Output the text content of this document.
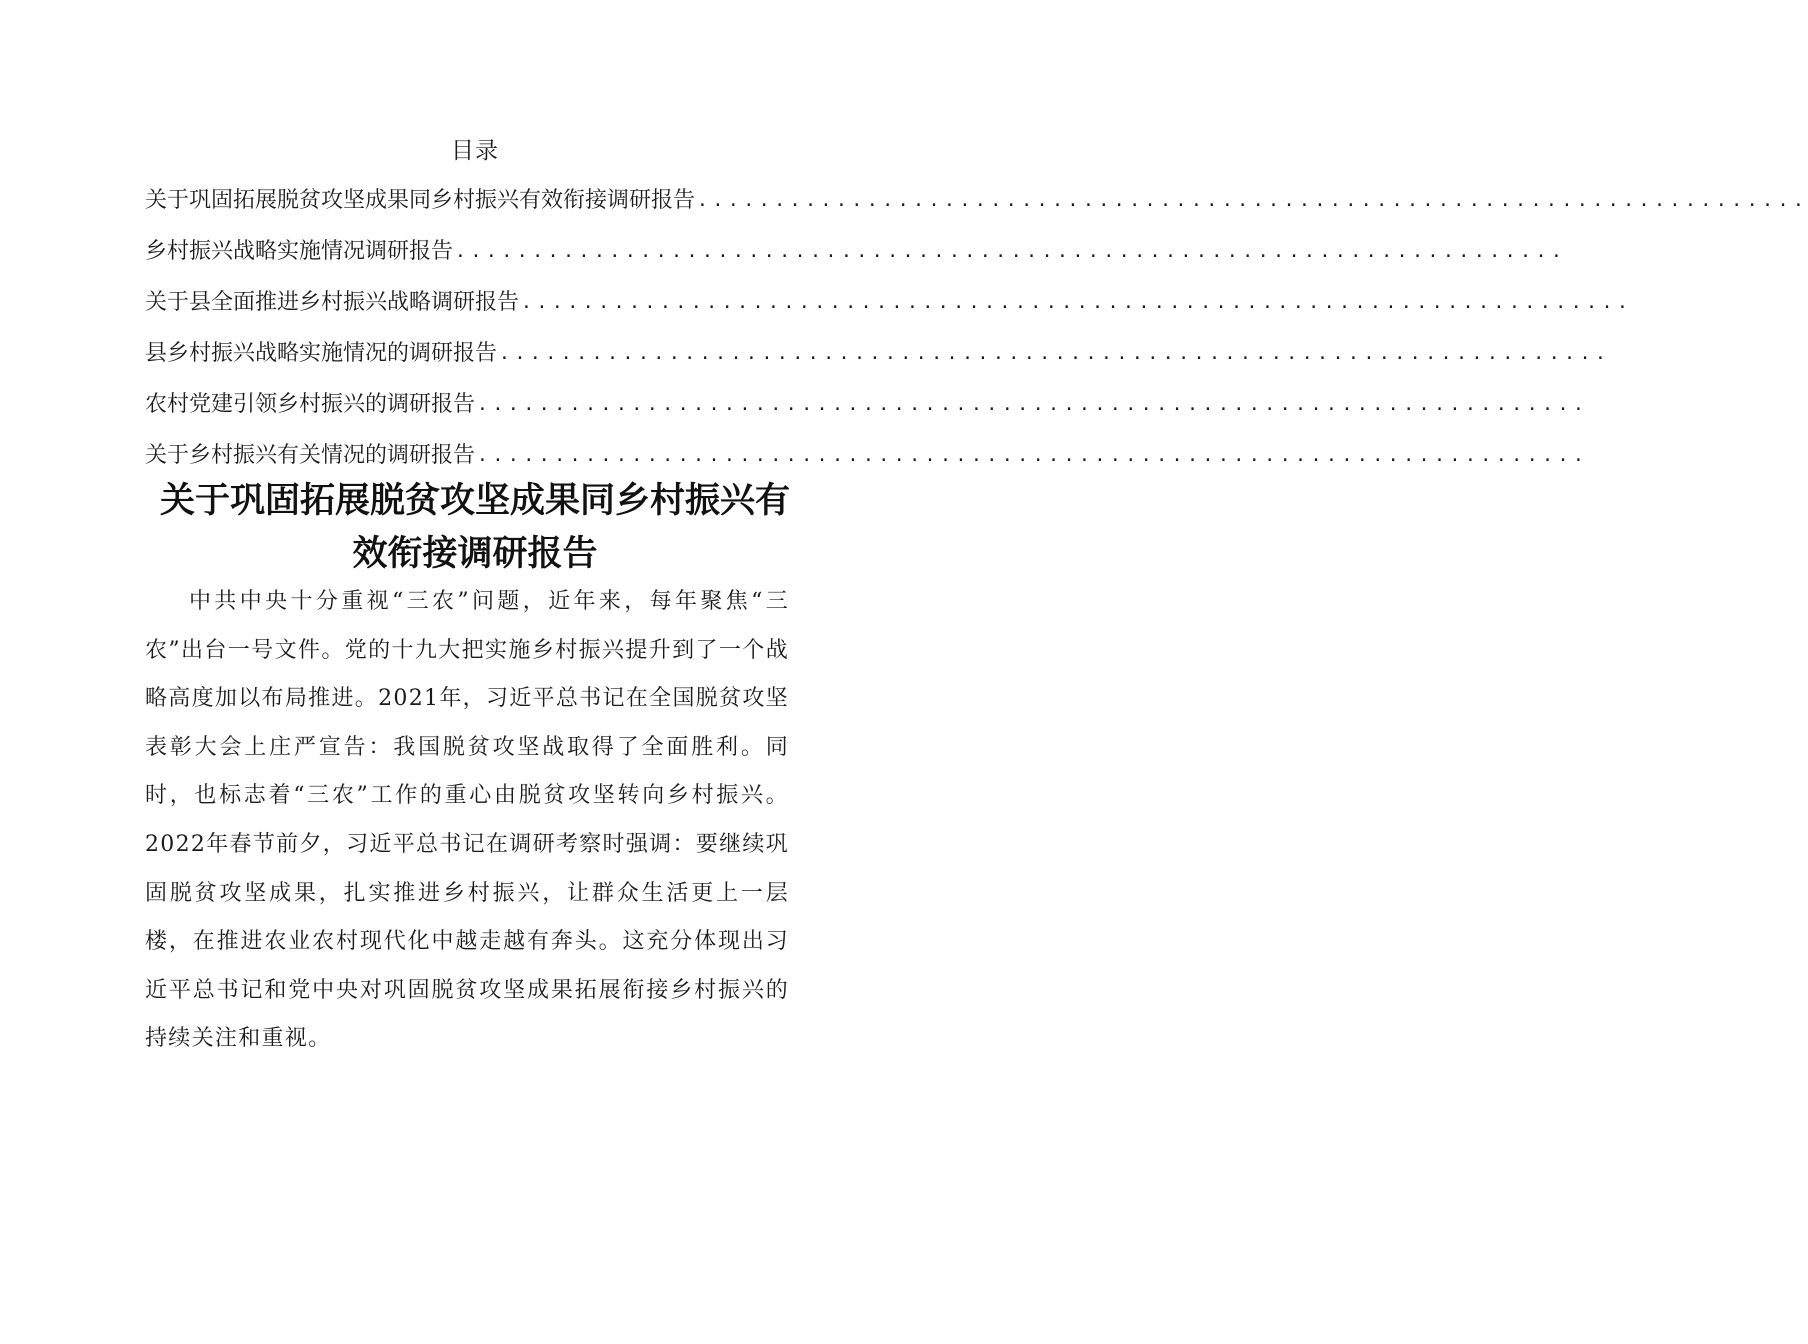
目录
关于巩固拓展脱贫攻坚成果同乡村振兴有效衔接调研报告 ........................................................................
乡村振兴战略实施情况调研报告 ........................................................................
关于县全面推进乡村振兴战略调研报告 ........................................................................
县乡村振兴战略实施情况的调研报告 ........................................................................
农村党建引领乡村振兴的调研报告 ........................................................................
关于乡村振兴有关情况的调研报告 ........................................................................
关于巩固拓展脱贫攻坚成果同乡村振兴有
效衔接调研报告

中共中央十分重视“三农”问题，近年来，每年聚焦“三农”出台一号文件。党的十九大把实施乡村振兴提升到了一个战略高度加以布局推进。2021年，习近平总书记在全国脱贫攻坚表彰大会上庄严宣告：我国脱贫攻坚战取得了全面胜利。同时，也标志着“三农”工作的重心由脱贫攻坚转向乡村振兴。2022年春节前夕，习近平总书记在调研考察时强调：要继续巩固脱贫攻坚成果，扎实推进乡村振兴，让群众生活更上一层楼，在推进农业农村现代化中越走越有奔头。这充分体现出习近平总书记和党中央对巩固脱贫攻坚成果拓展衔接乡村振兴的持续关注和重视。
